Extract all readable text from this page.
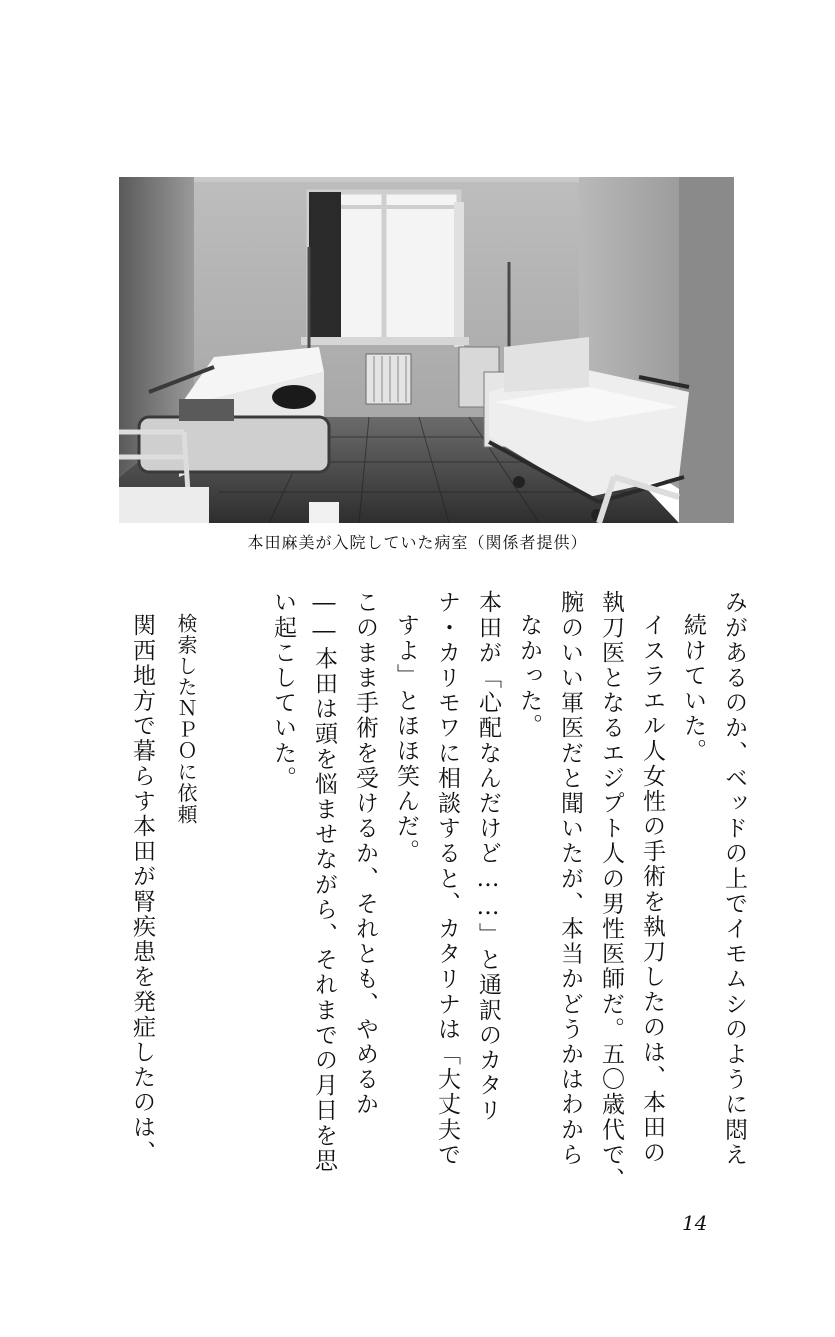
本田麻美が入院していた病室（関係者提供）
みがあるのか、ベッドの上でイモムシのように悶え
続けていた。
イスラエル人女性の手術を執刀したのは、本田の
執刀医となるエジプト人の男性医師だ。五〇歳代で、
腕のいい軍医だと聞いたが、本当かどうかはわから
なかった。
本田が「心配なんだけど……」と通訳のカタリ
ナ・カリモワに相談すると、カタリナは「大丈夫で
すよ」とほほ笑んだ。
このまま手術を受けるか、それとも、やめるか
――本田は頭を悩ませながら、それまでの月日を思
い起こしていた。
検索したＮＰＯに依頼
関西地方で暮らす本田が腎疾患を発症したのは、
14
